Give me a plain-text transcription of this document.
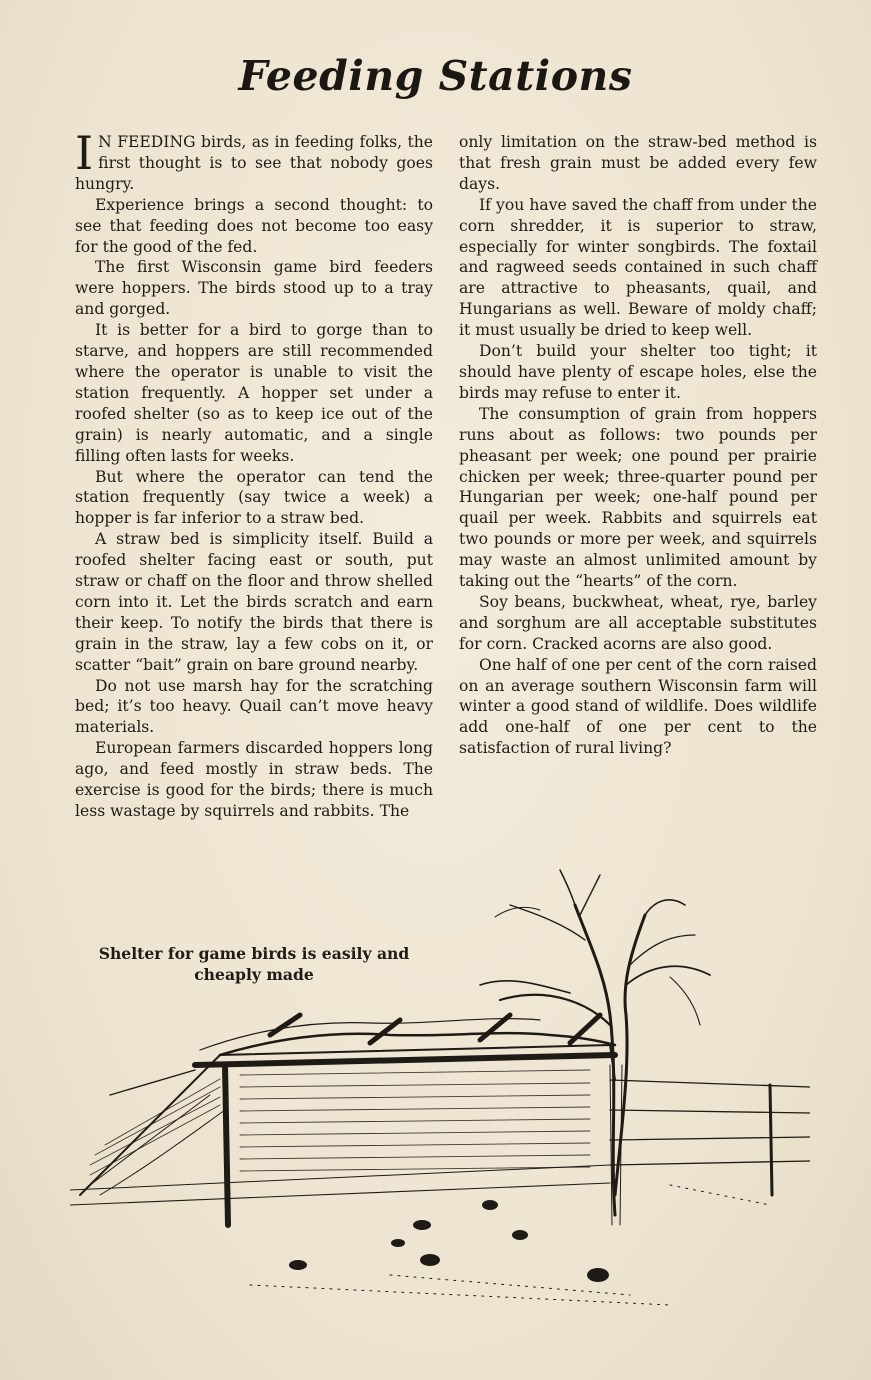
Feeding Stations

I N FEEDING birds, as in feeding folks, the first thought is to see that nobody goes hungry.

Experience brings a second thought: to see that feeding does not become too easy for the good of the fed.

The first Wisconsin game bird feeders were hoppers. The birds stood up to a tray and gorged.

It is better for a bird to gorge than to starve, and hoppers are still recommended where the operator is unable to visit the station frequently. A hopper set under a roofed shelter (so as to keep ice out of the grain) is nearly automatic, and a single filling often lasts for weeks.

But where the operator can tend the station frequently (say twice a week) a hopper is far inferior to a straw bed.

A straw bed is simplicity itself. Build a roofed shelter facing east or south, put straw or chaff on the floor and throw shelled corn into it. Let the birds scratch and earn their keep. To notify the birds that there is grain in the straw, lay a few cobs on it, or scatter “bait” grain on bare ground nearby.

Do not use marsh hay for the scratching bed; it’s too heavy. Quail can’t move heavy materials.

European farmers discarded hoppers long ago, and feed mostly in straw beds. The exercise is good for the birds; there is much less wastage by squirrels and rabbits. The

only limitation on the straw-bed method is that fresh grain must be added every few days.

If you have saved the chaff from under the corn shredder, it is superior to straw, especially for winter songbirds. The foxtail and ragweed seeds contained in such chaff are attractive to pheasants, quail, and Hungarians as well. Beware of moldy chaff; it must usually be dried to keep well.

Don’t build your shelter too tight; it should have plenty of escape holes, else the birds may refuse to enter it.

The consumption of grain from hoppers runs about as follows: two pounds per pheasant per week; one pound per prairie chicken per week; three-quarter pound per Hungarian per week; one-half pound per quail per week. Rabbits and squirrels eat two pounds or more per week, and squirrels may waste an almost unlimited amount by taking out the “hearts” of the corn.

Soy beans, buckwheat, wheat, rye, barley and sorghum are all acceptable substitutes for corn. Cracked acorns are also good.

One half of one per cent of the corn raised on an average southern Wisconsin farm will winter a good stand of wildlife. Does wildlife add one-half of one per cent to the satisfaction of rural living?

Shelter for game birds is easily and cheaply made
